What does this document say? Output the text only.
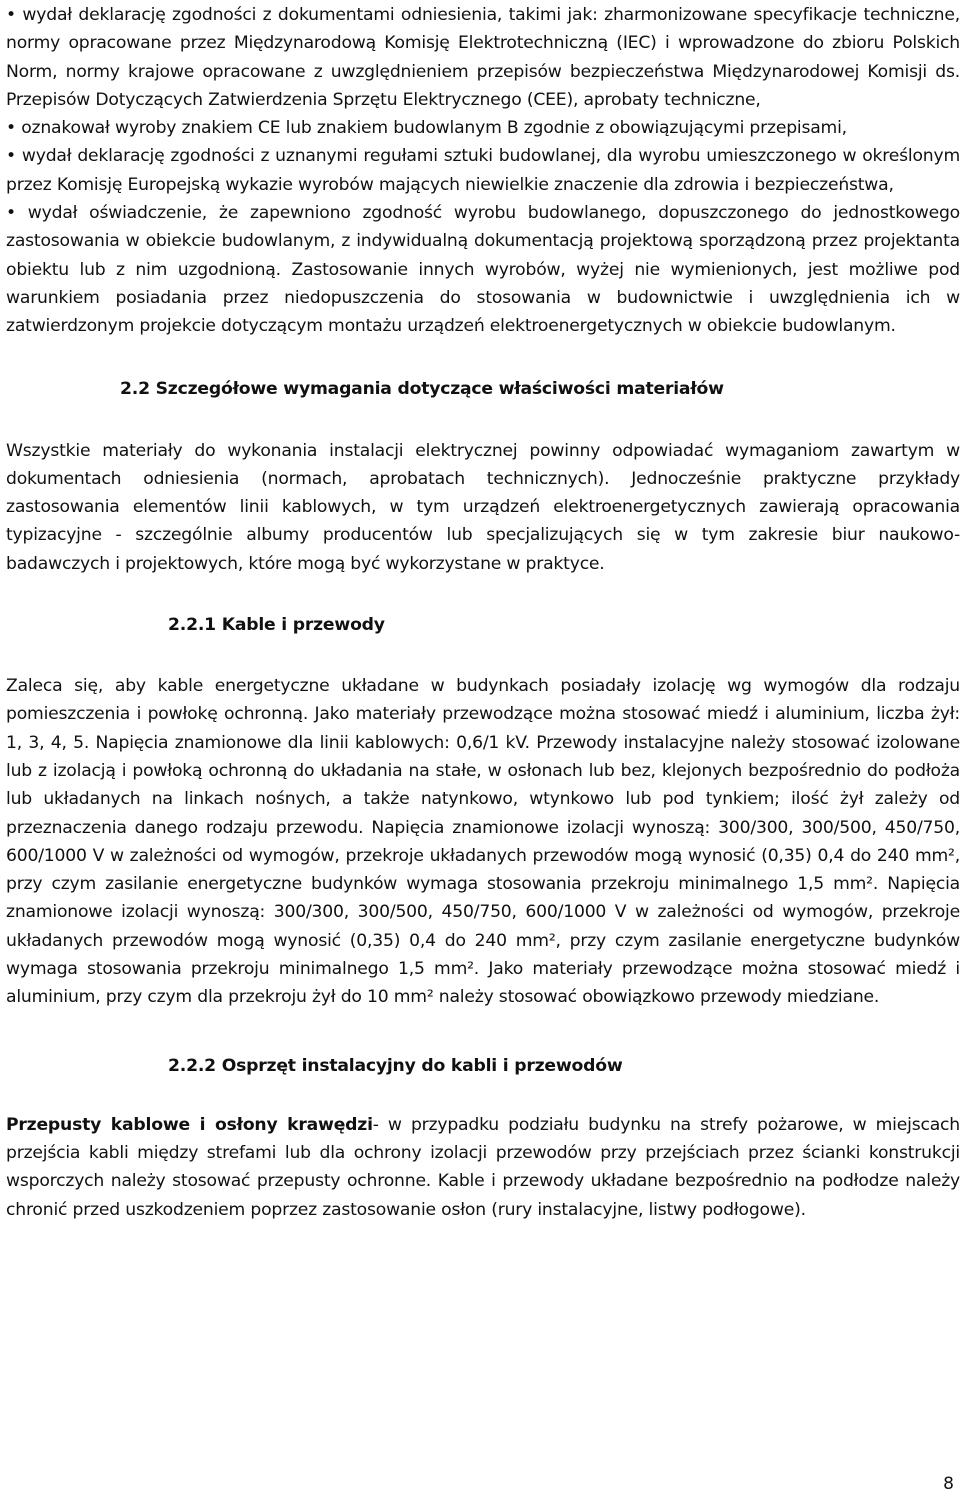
• wydał deklarację zgodności z dokumentami odniesienia, takimi jak: zharmonizowane specyfikacje techniczne, normy opracowane przez Międzynarodową Komisję Elektrotechniczną (IEC) i wprowadzone do zbioru Polskich Norm, normy krajowe opracowane z uwzględnieniem przepisów bezpieczeństwa Międzynarodowej Komisji ds. Przepisów Dotyczących Zatwierdzenia Sprzętu Elektrycznego (CEE), aprobaty techniczne,

• oznakował wyroby znakiem CE lub znakiem budowlanym B zgodnie z obowiązującymi przepisami,

• wydał deklarację zgodności z uznanymi regułami sztuki budowlanej, dla wyrobu umieszczonego w określonym przez Komisję Europejską wykazie wyrobów mających niewielkie znaczenie dla zdrowia i bezpieczeństwa,

• wydał oświadczenie, że zapewniono zgodność wyrobu budowlanego, dopuszczonego do jednostkowego zastosowania w obiekcie budowlanym, z indywidualną dokumentacją projektową sporządzoną przez projektanta obiektu lub z nim uzgodnioną. Zastosowanie innych wyrobów, wyżej nie wymienionych, jest możliwe pod warunkiem posiadania przez niedopuszczenia do stosowania w budownictwie i uwzględnienia ich w zatwierdzonym projekcie dotyczącym montażu urządzeń elektroenergetycznych w obiekcie budowlanym.

2.2 Szczegółowe wymagania dotyczące właściwości materiałów

Wszystkie materiały do wykonania instalacji elektrycznej powinny odpowiadać wymaganiom zawartym w dokumentach odniesienia (normach, aprobatach technicznych). Jednocześnie praktyczne przykłady zastosowania elementów linii kablowych, w tym urządzeń elektroenergetycznych zawierają opracowania typizacyjne - szczególnie albumy producentów lub specjalizujących się w tym zakresie biur naukowo-badawczych i projektowych, które mogą być wykorzystane w praktyce.

2.2.1 Kable i przewody

Zaleca się, aby kable energetyczne układane w budynkach posiadały izolację wg wymogów dla rodzaju pomieszczenia i powłokę ochronną. Jako materiały przewodzące można stosować miedź i aluminium, liczba żył: 1, 3, 4, 5. Napięcia znamionowe dla linii kablowych: 0,6/1 kV. Przewody instalacyjne należy stosować izolowane lub z izolacją i powłoką ochronną do układania na stałe, w osłonach lub bez, klejonych bezpośrednio do podłoża lub układanych na linkach nośnych, a także natynkowo, wtynkowo lub pod tynkiem; ilość żył zależy od przeznaczenia danego rodzaju przewodu. Napięcia znamionowe izolacji wynoszą: 300/300, 300/500, 450/750, 600/1000 V w zależności od wymogów, przekroje układanych przewodów mogą wynosić (0,35) 0,4 do 240 mm², przy czym zasilanie energetyczne budynków wymaga stosowania przekroju minimalnego 1,5 mm². Napięcia znamionowe izolacji wynoszą: 300/300, 300/500, 450/750, 600/1000 V w zależności od wymogów, przekroje układanych przewodów mogą wynosić (0,35) 0,4 do 240 mm², przy czym zasilanie energetyczne budynków wymaga stosowania przekroju minimalnego 1,5 mm². Jako materiały przewodzące można stosować miedź i aluminium, przy czym dla przekroju żył do 10 mm² należy stosować obowiązkowo przewody miedziane.

2.2.2 Osprzęt instalacyjny do kabli i przewodów

Przepusty kablowe i osłony krawędzi- w przypadku podziału budynku na strefy pożarowe, w miejscach przejścia kabli między strefami lub dla ochrony izolacji przewodów przy przejściach przez ścianki konstrukcji wsporczych należy stosować przepusty ochronne. Kable i przewody układane bezpośrednio na podłodze należy chronić przed uszkodzeniem poprzez zastosowanie osłon (rury instalacyjne, listwy podłogowe).

8
